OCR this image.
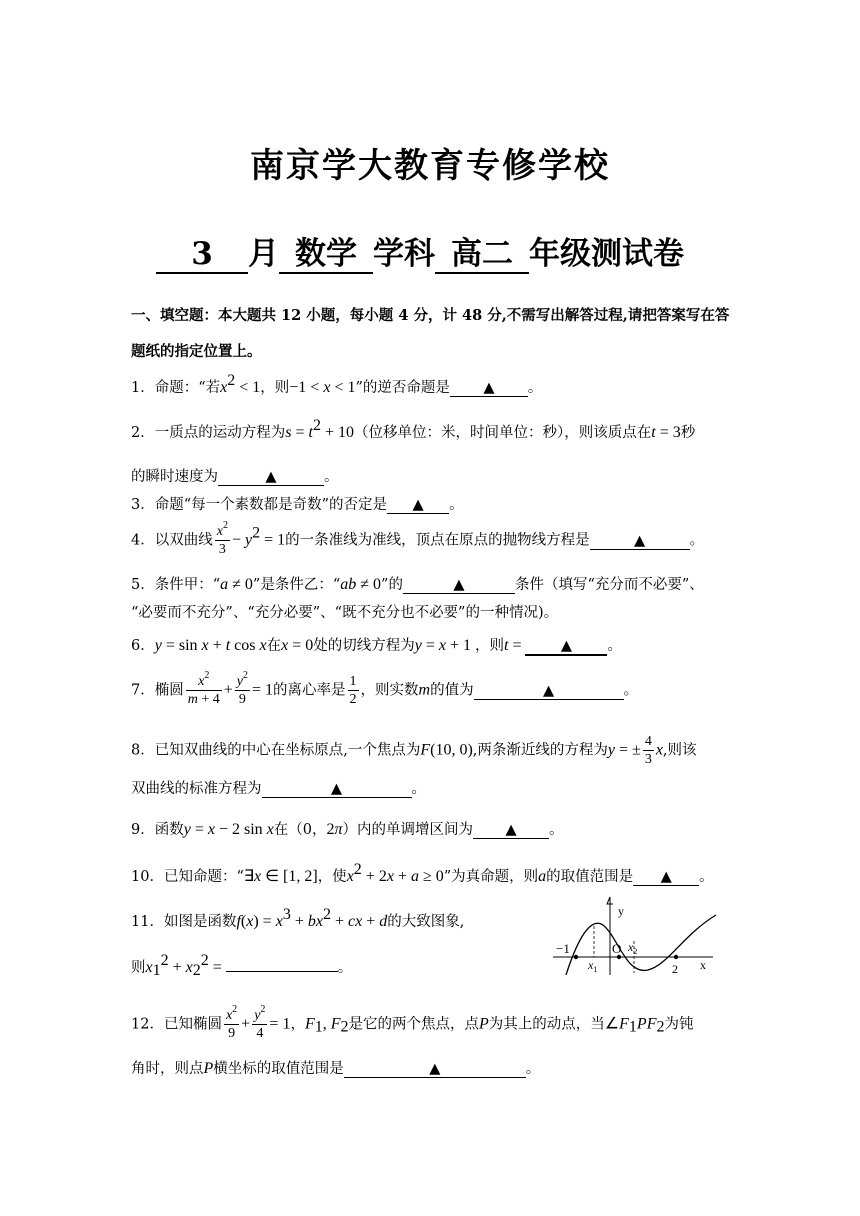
南京学大教育专修学校
3 月 数学 学科 高二 年级测试卷
一、填空题：本大题共 12 小题，每小题 4 分，计 48 分,不需写出解答过程,请把答案写在答题纸的指定位置上。
1．命题：“若$x^2 < 1$，则−1 < x < 1”的逆否命题是 ▲ 。
2．一质点的运动方程为$s = t^2 + 10$（位移单位：米，时间单位：秒），则该质点在t = 3秒
的瞬时速度为	▲	。
3．命题“每一个素数都是奇数”的否定是 ▲ 。
4．以双曲线 $\frac{x^2}{3} - y^2 = 1$的一条准线为准线，顶点在原点的抛物线方程是	▲	。
5．条件甲：“a ≠ 0”是条件乙：“ab ≠ 0”的	▲	条件（填写“充分而不必要”、
“必要而不充分”、“充分必要”、“既不充分也不必要”的一种情况)。
6．y = sin x + t cos x在x = 0处的切线方程为y = x + 1 ，则t = ▲ 。
7．椭圆 $\frac{x^2}{m + 4} + \frac{y^2}{9} = 1$的离心率是 $\frac{1}{2}$ ，则实数m的值为	▲	。
8．已知双曲线的中心在坐标原点,一个焦点为F(10, 0),两条渐近线的方程为y = ± $\frac{4}{3} x$,则该
双曲线的标准方程为	▲	。
9．函数y = x − 2 sin x在（0，2π）内的单调增区间为 ▲ 。
10．已知命题：“∃x ∈ [1, 2]，使$x^2 + 2x + a \ge 0$”为真命题，则a的取值范围是 ▲ 。
11．如图是函数$f(x) = x^3 + bx^2$ + cx + d的大致图象,
则$x_1^2 + x_2^2$ =	。
y
x
O
−1
$x_1$
$x_2$
2
12．已知椭圆 $\frac{x^2}{9} + \frac{y^2}{4} = 1$，$F_1$, $F_2$是它的两个焦点，点P为其上的动点，当$\angle F_1PF_2$为钝
角时，则点P横坐标的取值范围是	▲	。
